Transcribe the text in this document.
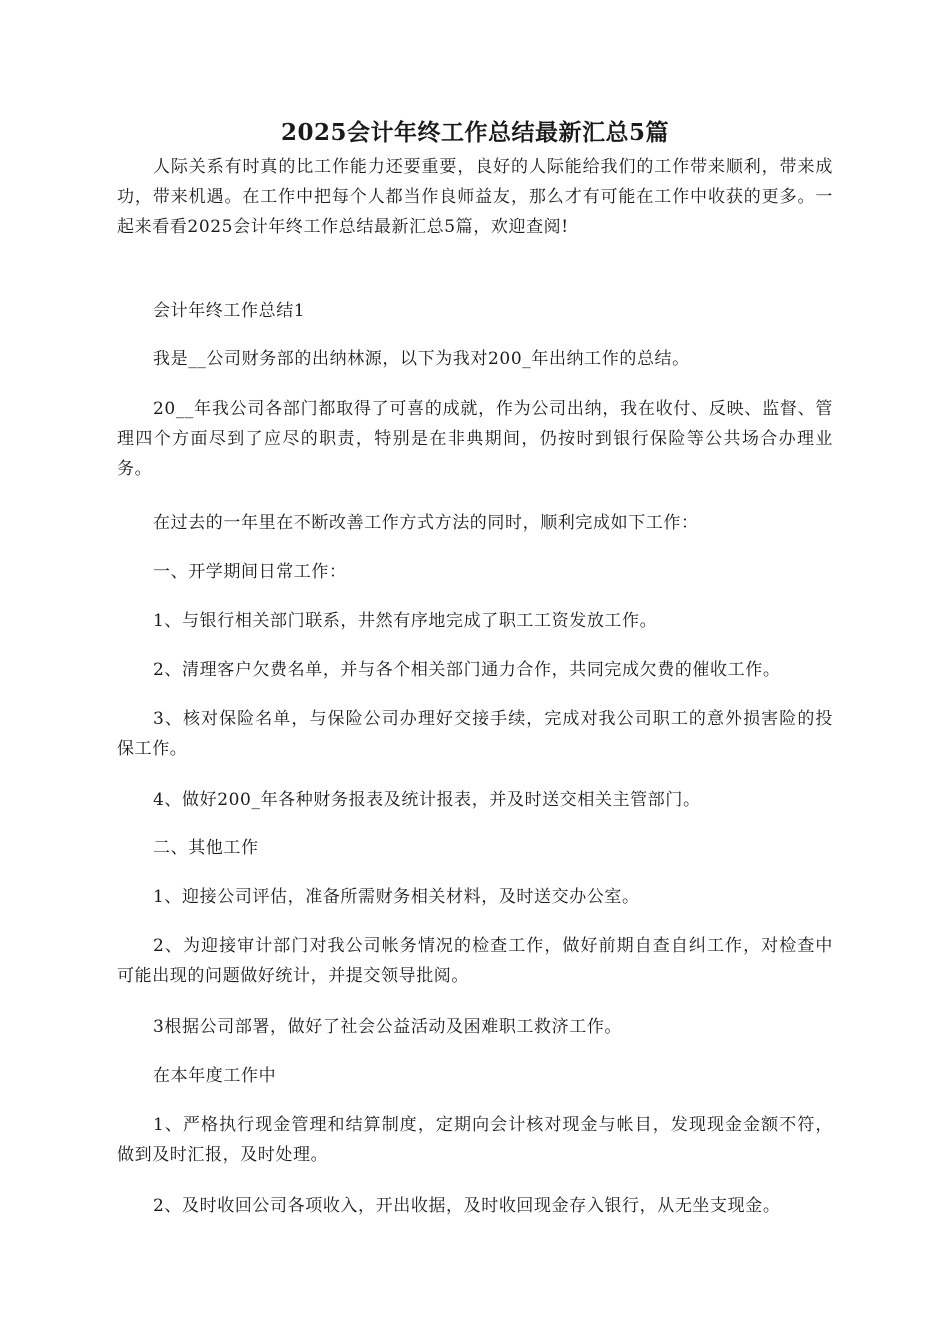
2025会计年终工作总结最新汇总5篇

人际关系有时真的比工作能力还要重要，良好的人际能给我们的工作带来顺利，带来成功，带来机遇。在工作中把每个人都当作良师益友，那么才有可能在工作中收获的更多。一起来看看2025会计年终工作总结最新汇总5篇，欢迎查阅!

会计年终工作总结1

我是__公司财务部的出纳林源，以下为我对200_年出纳工作的总结。

20__年我公司各部门都取得了可喜的成就，作为公司出纳，我在收付、反映、监督、管理四个方面尽到了应尽的职责，特别是在非典期间，仍按时到银行保险等公共场合办理业务。

在过去的一年里在不断改善工作方式方法的同时，顺利完成如下工作：

一、开学期间日常工作：

1、与银行相关部门联系，井然有序地完成了职工工资发放工作。

2、清理客户欠费名单，并与各个相关部门通力合作，共同完成欠费的催收工作。

3、核对保险名单，与保险公司办理好交接手续，完成对我公司职工的意外损害险的投保工作。

4、做好200_年各种财务报表及统计报表，并及时送交相关主管部门。

二、其他工作

1、迎接公司评估，准备所需财务相关材料，及时送交办公室。

2、为迎接审计部门对我公司帐务情况的检查工作，做好前期自查自纠工作，对检查中可能出现的问题做好统计，并提交领导批阅。

3根据公司部署，做好了社会公益活动及困难职工救济工作。

在本年度工作中

1、严格执行现金管理和结算制度，定期向会计核对现金与帐目，发现现金金额不符，做到及时汇报，及时处理。

2、及时收回公司各项收入，开出收据，及时收回现金存入银行，从无坐支现金。
